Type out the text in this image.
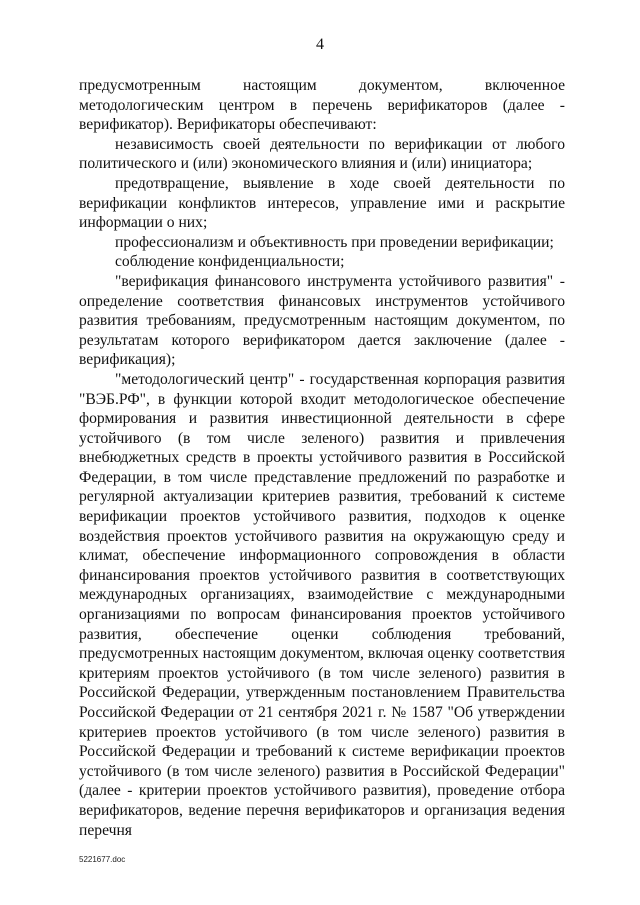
4

предусмотренным настоящим документом, включенное методологическим центром в перечень верификаторов (далее - верификатор). Верификаторы обеспечивают:

независимость своей деятельности по верификации от любого политического и (или) экономического влияния и (или) инициатора;

предотвращение, выявление в ходе своей деятельности по верификации конфликтов интересов, управление ими и раскрытие информации о них;

профессионализм и объективность при проведении верификации;

соблюдение конфиденциальности;

"верификация финансового инструмента устойчивого развития" - определение соответствия финансовых инструментов устойчивого развития требованиям, предусмотренным настоящим документом, по результатам которого верификатором дается заключение (далее - верификация);

"методологический центр" - государственная корпорация развития "ВЭБ.РФ", в функции которой входит методологическое обеспечение формирования и развития инвестиционной деятельности в сфере устойчивого (в том числе зеленого) развития и привлечения внебюджетных средств в проекты устойчивого развития в Российской Федерации, в том числе представление предложений по разработке и регулярной актуализации критериев развития, требований к системе верификации проектов устойчивого развития, подходов к оценке воздействия проектов устойчивого развития на окружающую среду и климат, обеспечение информационного сопровождения в области финансирования проектов устойчивого развития в соответствующих международных организациях, взаимодействие с международными организациями по вопросам финансирования проектов устойчивого развития, обеспечение оценки соблюдения требований, предусмотренных настоящим документом, включая оценку соответствия критериям проектов устойчивого (в том числе зеленого) развития в Российской Федерации, утвержденным постановлением Правительства Российской Федерации от 21 сентября 2021 г. № 1587 "Об утверждении критериев проектов устойчивого (в том числе зеленого) развития в Российской Федерации и требований к системе верификации проектов устойчивого (в том числе зеленого) развития в Российской Федерации" (далее - критерии проектов устойчивого развития), проведение отбора верификаторов, ведение перечня верификаторов и организация ведения перечня

5221677.doc
